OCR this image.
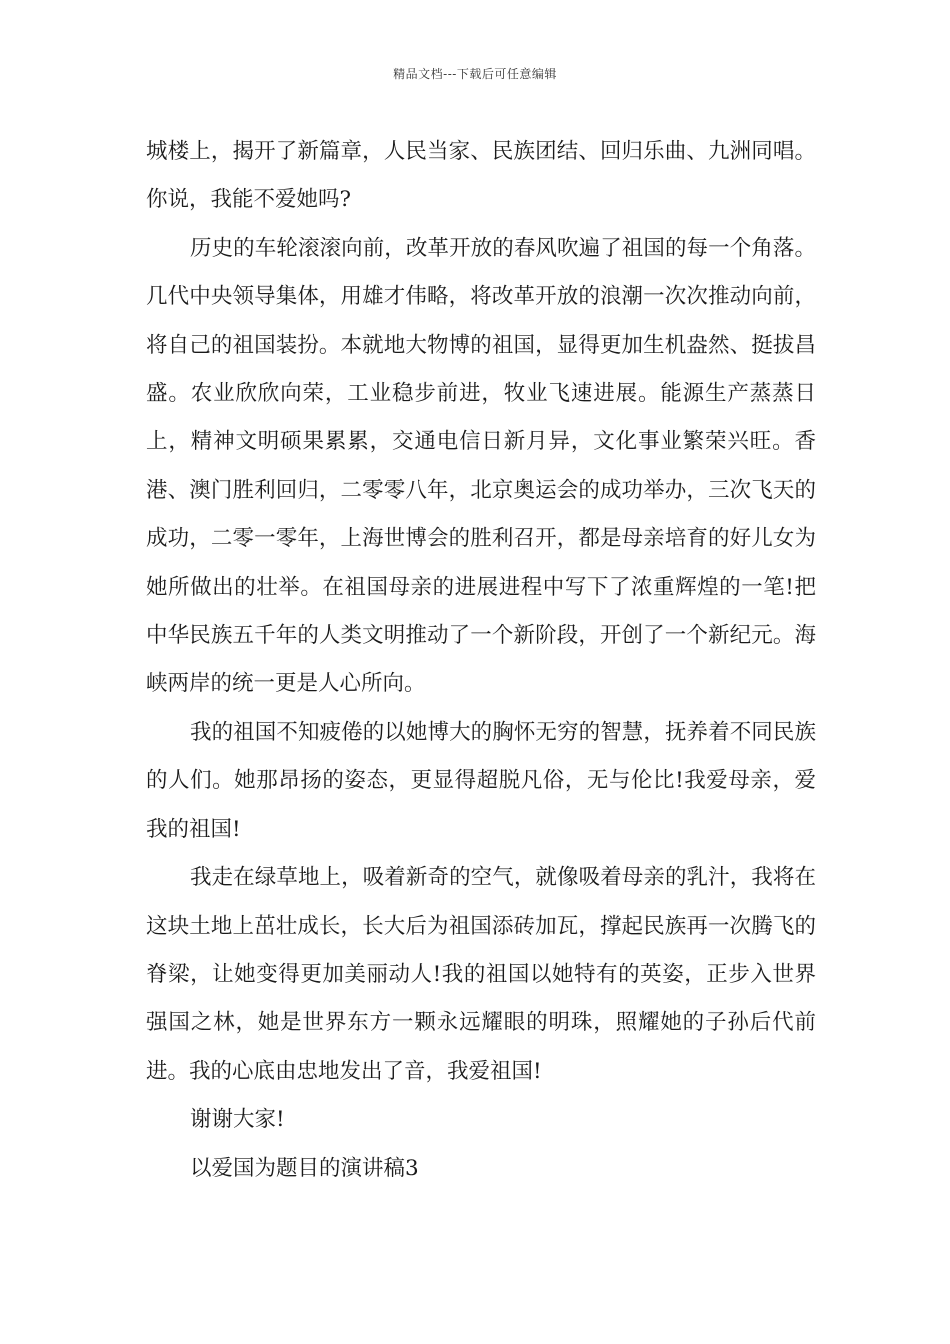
精品文档---下载后可任意编辑

城楼上，揭开了新篇章，人民当家、民族团结、回归乐曲、九洲同唱。你说，我能不爱她吗?

历史的车轮滚滚向前，改革开放的春风吹遍了祖国的每一个角落。几代中央领导集体，用雄才伟略，将改革开放的浪潮一次次推动向前，将自己的祖国装扮。本就地大物博的祖国，显得更加生机盎然、挺拔昌盛。农业欣欣向荣，工业稳步前进，牧业飞速进展。能源生产蒸蒸日上，精神文明硕果累累，交通电信日新月异，文化事业繁荣兴旺。香港、澳门胜利回归，二零零八年，北京奥运会的成功举办，三次飞天的成功，二零一零年，上海世博会的胜利召开，都是母亲培育的好儿女为她所做出的壮举。在祖国母亲的进展进程中写下了浓重辉煌的一笔!把中华民族五千年的人类文明推动了一个新阶段，开创了一个新纪元。海峡两岸的统一更是人心所向。

我的祖国不知疲倦的以她博大的胸怀无穷的智慧，抚养着不同民族的人们。她那昂扬的姿态，更显得超脱凡俗，无与伦比!我爱母亲，爱我的祖国!

我走在绿草地上，吸着新奇的空气，就像吸着母亲的乳汁，我将在这块土地上茁壮成长，长大后为祖国添砖加瓦，撑起民族再一次腾飞的脊梁，让她变得更加美丽动人!我的祖国以她特有的英姿，正步入世界强国之林，她是世界东方一颗永远耀眼的明珠，照耀她的子孙后代前进。我的心底由忠地发出了音，我爱祖国!

谢谢大家!

以爱国为题目的演讲稿3
